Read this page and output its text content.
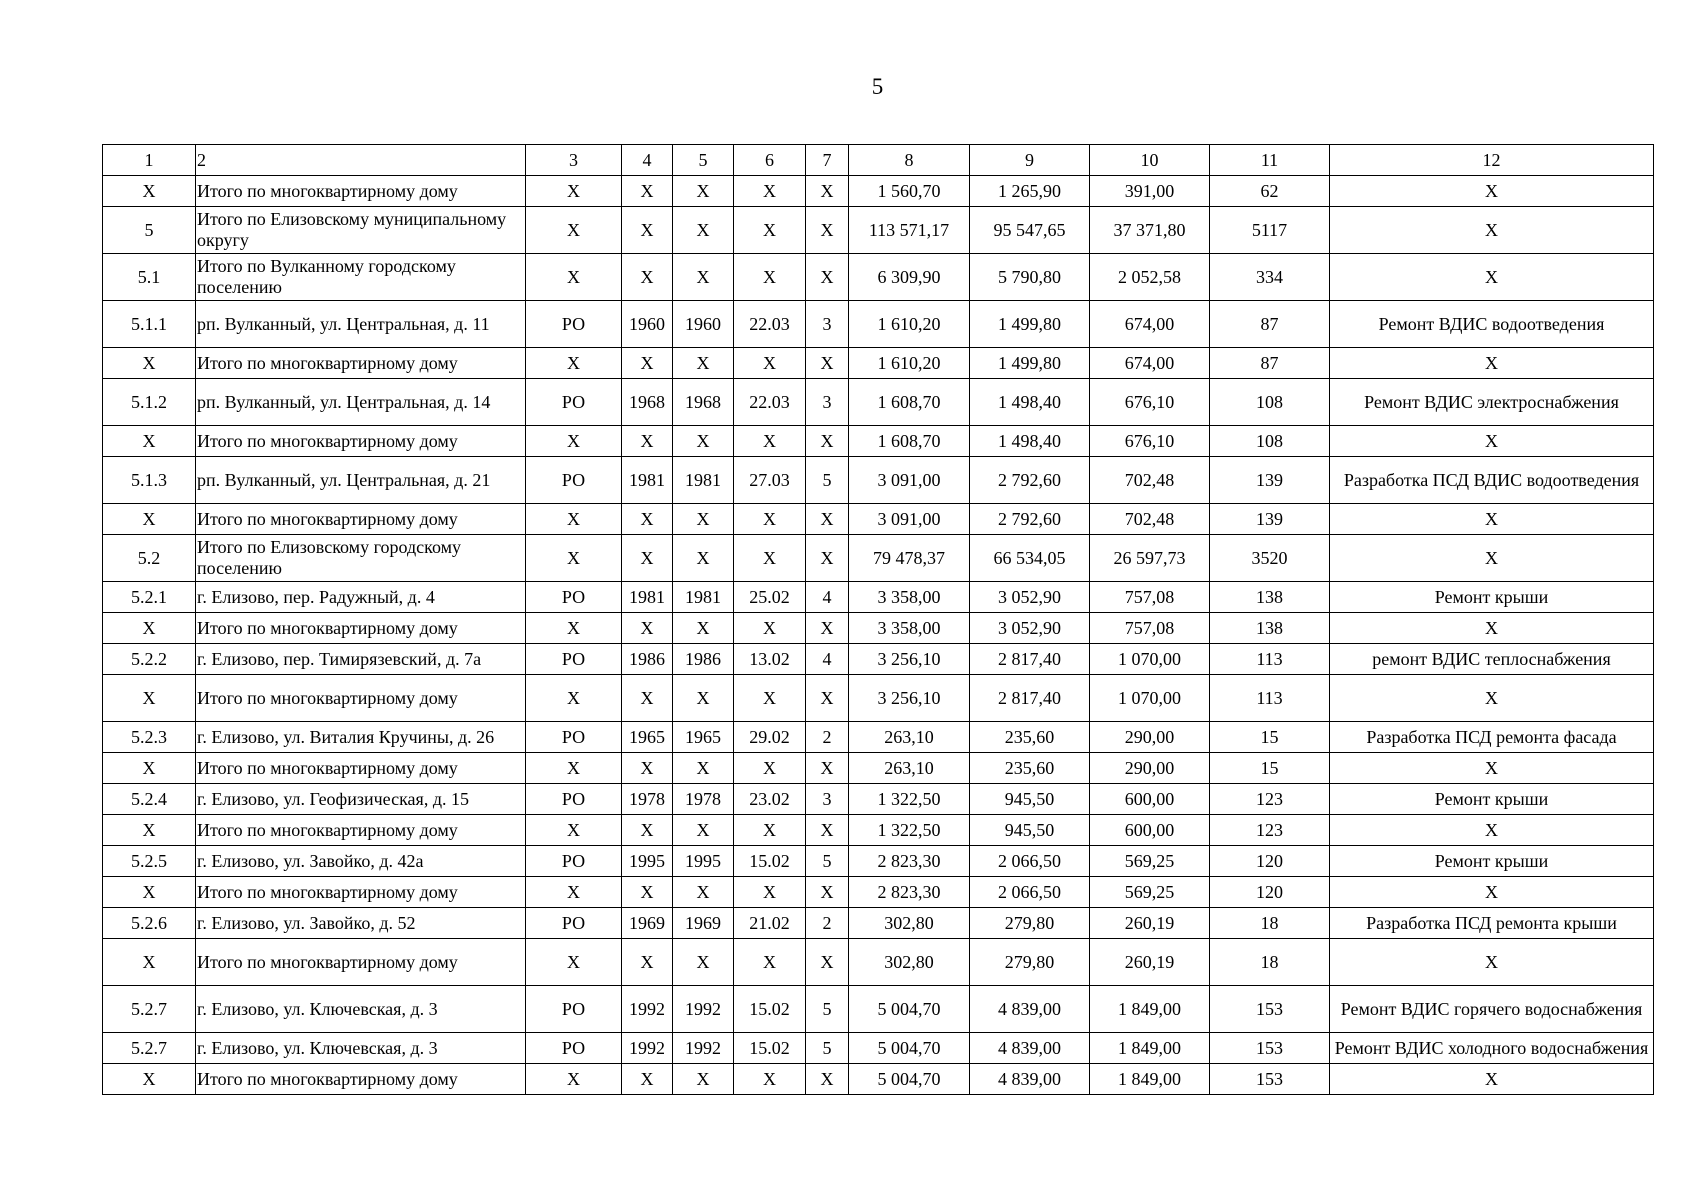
5
1	2	3	4	5	6	7	8	9	10	11	12
Х	Итого по многоквартирному дому	Х	Х	Х	Х	Х	1 560,70	1 265,90	391,00	62	Х
5	Итого по Елизовскому муниципальному округу	Х	Х	Х	Х	Х	113 571,17	95 547,65	37 371,80	5117	Х
5.1	Итого по Вулканному городскому поселению	Х	Х	Х	Х	Х	6 309,90	5 790,80	2 052,58	334	Х
5.1.1	рп. Вулканный, ул. Центральная, д. 11	РО	1960	1960	22.03	3	1 610,20	1 499,80	674,00	87	Ремонт ВДИС водоотведения
Х	Итого по многоквартирному дому	Х	Х	Х	Х	Х	1 610,20	1 499,80	674,00	87	Х
5.1.2	рп. Вулканный, ул. Центральная, д. 14	РО	1968	1968	22.03	3	1 608,70	1 498,40	676,10	108	Ремонт ВДИС электроснабжения
Х	Итого по многоквартирному дому	Х	Х	Х	Х	Х	1 608,70	1 498,40	676,10	108	Х
5.1.3	рп. Вулканный, ул. Центральная, д. 21	РО	1981	1981	27.03	5	3 091,00	2 792,60	702,48	139	Разработка ПСД ВДИС водоотведения
Х	Итого по многоквартирному дому	Х	Х	Х	Х	Х	3 091,00	2 792,60	702,48	139	Х
5.2	Итого по Елизовскому городскому поселению	Х	Х	Х	Х	Х	79 478,37	66 534,05	26 597,73	3520	Х
5.2.1	г. Елизово, пер. Радужный, д. 4	РО	1981	1981	25.02	4	3 358,00	3 052,90	757,08	138	Ремонт крыши
Х	Итого по многоквартирному дому	Х	Х	Х	Х	Х	3 358,00	3 052,90	757,08	138	Х
5.2.2	г. Елизово, пер. Тимирязевский, д. 7а	РО	1986	1986	13.02	4	3 256,10	2 817,40	1 070,00	113	ремонт ВДИС теплоснабжения
Х	Итого по многоквартирному дому	Х	Х	Х	Х	Х	3 256,10	2 817,40	1 070,00	113	Х
5.2.3	г. Елизово, ул. Виталия Кручины, д. 26	РО	1965	1965	29.02	2	263,10	235,60	290,00	15	Разработка ПСД ремонта фасада
Х	Итого по многоквартирному дому	Х	Х	Х	Х	Х	263,10	235,60	290,00	15	Х
5.2.4	г. Елизово, ул. Геофизическая, д. 15	РО	1978	1978	23.02	3	1 322,50	945,50	600,00	123	Ремонт крыши
Х	Итого по многоквартирному дому	Х	Х	Х	Х	Х	1 322,50	945,50	600,00	123	Х
5.2.5	г. Елизово, ул. Завойко, д. 42а	РО	1995	1995	15.02	5	2 823,30	2 066,50	569,25	120	Ремонт крыши
Х	Итого по многоквартирному дому	Х	Х	Х	Х	Х	2 823,30	2 066,50	569,25	120	Х
5.2.6	г. Елизово, ул. Завойко, д. 52	РО	1969	1969	21.02	2	302,80	279,80	260,19	18	Разработка ПСД ремонта крыши
Х	Итого по многоквартирному дому	Х	Х	Х	Х	Х	302,80	279,80	260,19	18	Х
5.2.7	г. Елизово, ул. Ключевская, д. 3	РО	1992	1992	15.02	5	5 004,70	4 839,00	1 849,00	153	Ремонт ВДИС горячего водоснабжения
5.2.7	г. Елизово, ул. Ключевская, д. 3	РО	1992	1992	15.02	5	5 004,70	4 839,00	1 849,00	153	Ремонт ВДИС холодного водоснабжения
Х	Итого по многоквартирному дому	Х	Х	Х	Х	Х	5 004,70	4 839,00	1 849,00	153	Х
